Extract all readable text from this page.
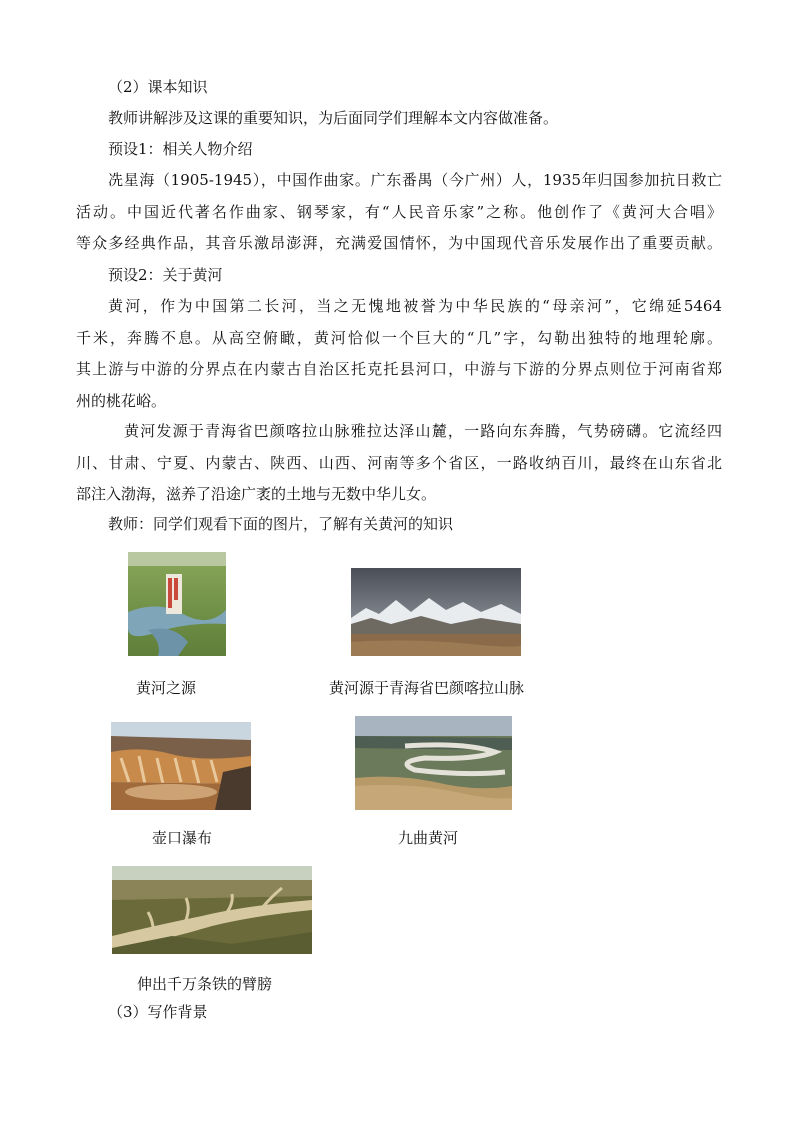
（2）课本知识
教师讲解涉及这课的重要知识，为后面同学们理解本文内容做准备。
预设1：相关人物介绍
冼星海（1905-1945），中国作曲家。广东番禺（今广州）人，1935年归国参加抗日救亡
活动。中国近代著名作曲家、钢琴家，有“人民音乐家”之称。他创作了《黄河大合唱》
等众多经典作品，其音乐激昂澎湃，充满爱国情怀，为中国现代音乐发展作出了重要贡献。
预设2：关于黄河
黄河，作为中国第二长河，当之无愧地被誉为中华民族的“母亲河”，它绵延5464
千米，奔腾不息。从高空俯瞰，黄河恰似一个巨大的“几”字，勾勒出独特的地理轮廓。
其上游与中游的分界点在内蒙古自治区托克托县河口，中游与下游的分界点则位于河南省郑
州的桃花峪。
黄河发源于青海省巴颜喀拉山脉雅拉达泽山麓，一路向东奔腾，气势磅礴。它流经四
川、甘肃、宁夏、内蒙古、陕西、山西、河南等多个省区，一路收纳百川，最终在山东省北
部注入渤海，滋养了沿途广袤的土地与无数中华儿女。
教师：同学们观看下面的图片，了解有关黄河的知识
黄河之源	黄河源于青海省巴颜喀拉山脉
壶口瀑布	九曲黄河
伸出千万条铁的臂膀
（3）写作背景
